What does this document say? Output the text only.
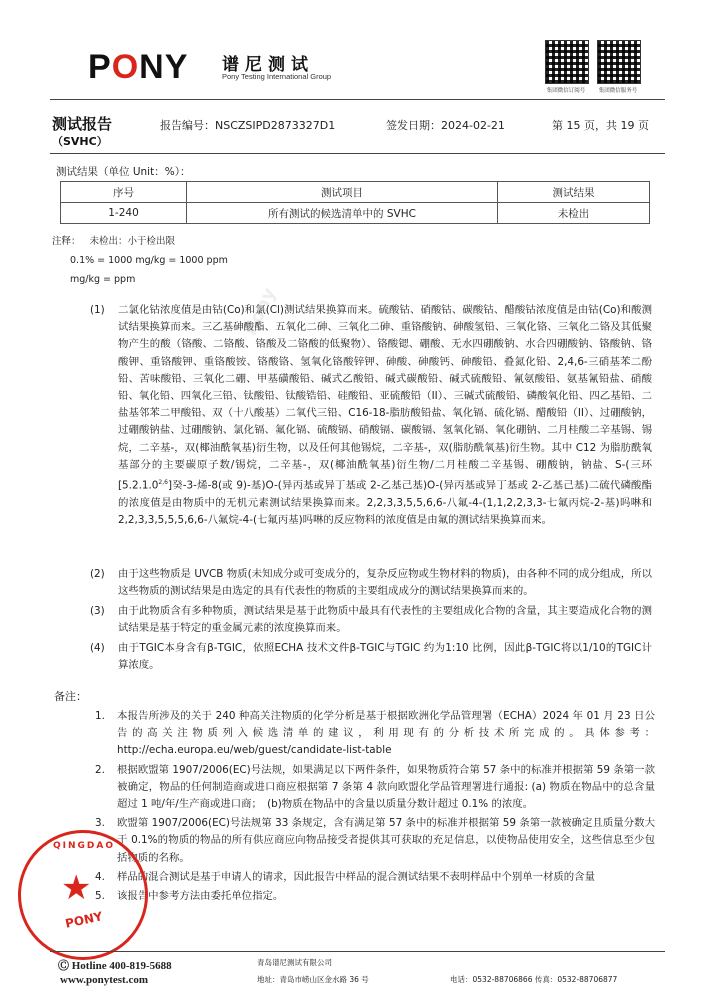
Pony
PONY 谱尼测试
Pony Testing International Group
集团微信订阅号	集团微信服务号
测试报告
（SVHC）
报告编号：NSCZSIPD2873327D1	签发日期：2024-02-21	第 15 页，共 19 页
测试结果（单位 Unit：%）：
序号	测试项目	测试结果
1-240	所有测试的候选清单中的 SVHC	未检出
注释： 未检出：小于检出限
0.1% = 1000 mg/kg = 1000 ppm
mg/kg = ppm
(1)	二氯化钴浓度值是由钴(Co)和氯(Cl)测试结果换算而来。硫酸钴、硝酸钴、碳酸钴、醋酸钴浓度值是由钴(Co)和酸测试结果换算而来。三乙基砷酸酯、五氧化二砷、三氧化二砷、重铬酸钠、砷酸氢铅、三氧化铬、三氧化二铬及其低聚物产生的酸（铬酸、二铬酸、铬酸及二铬酸的低聚物）、铬酸锶、硼酸、无水四硼酸钠、水合四硼酸钠、铬酸钠、铬酸钾、重铬酸钾、重铬酸铵、铬酸铬、氢氧化铬酸锌钾、砷酸、砷酸钙、砷酸铅、叠氮化铅、2,4,6-三硝基苯二酚铅、苦味酸铅、三氧化二硼、甲基磺酸铅、碱式乙酸铅、碱式碳酸铅、碱式硫酸铅、氰氨酸铅、氨基氰铅盐、硝酸铅、氧化铅、四氧化三铅、钛酸铅、钛酸锆铅、硅酸铅、亚硫酸铅（II）、三碱式硫酸铅、磷酸氧化铅、四乙基铅、二盐基邻苯二甲酸铅、双（十八酸基）二氧代三铅、C16-18-脂肪酸铅盐、氧化镉、硫化镉、醋酸铅（II）、过硼酸钠，过硼酸钠盐、过硼酸钠、氯化镉、氟化镉、硫酸镉、硝酸镉、碳酸镉、氢氧化镉、氧化硼钠、二月桂酸二辛基锡、锡烷，二辛基-，双(椰油酰氧基)衍生物，以及任何其他锡烷，二辛基-，双(脂肪酰氧基)衍生物。其中 C12 为脂肪酰氧基部分的主要碳原子数/锡烷，二辛基-，双(椰油酰氧基)衍生物/二月桂酸二辛基锡、硼酸钠，钠盐、S-(三环[5.2.1.0$^{2,6}$]癸-3-烯-8(或 9)-基)O-(异丙基或异丁基或 2-乙基己基)O-(异丙基或异丁基或 2-乙基己基)二硫代磷酸酯的浓度值是由物质中的无机元素测试结果换算而来。2,2,3,3,5,5,6,6-八氟-4-(1,1,2,2,3,3-七氟丙烷-2-基)吗啉和 2,2,3,3,5,5,5,6,6-八氟烷-4-(七氟丙基)吗啉的反应物料的浓度值是由氟的测试结果换算而来。
(2)	由于这些物质是 UVCB 物质(未知成分或可变成分的，复杂反应物或生物材料的物质)，由各种不同的成分组成，所以这些物质的测试结果是由选定的具有代表性的物质的主要组成成分的测试结果换算而来的。
(3)	由于此物质含有多种物质，测试结果是基于此物质中最具有代表性的主要组成化合物的含量，其主要造成化合物的测试结果是基于特定的重金属元素的浓度换算而来。
(4)	由于TGIC本身含有β-TGIC，依照ECHA 技术文件β-TGIC与TGIC 约为1:10 比例，因此β-TGIC将以1/10的TGIC计算浓度。
备注：
1. 本报告所涉及的关于 240 种高关注物质的化学分析是基于根据欧洲化学品管理署（ECHA）2024 年 01 月 23 日公告的高关注物质列入候选清单的建议，利用现有的分析技术所完成的。具体参考：http://echa.europa.eu/web/guest/candidate-list-table
2. 根据欧盟第 1907/2006(EC)号法规，如果满足以下两件条件，如果物质符合第 57 条中的标准并根据第 59 条第一款被确定，物品的任何制造商或进口商应根据第 7 条第 4 款向欧盟化学品管理署进行通报: (a) 物质在物品中的总含量超过 1 吨/年/生产商或进口商；　(b)物质在物品中的含量以质量分数计超过 0.1% 的浓度。
3. 欧盟第 1907/2006(EC)号法规第 33 条规定，含有满足第 57 条中的标准并根据第 59 条第一款被确定且质量分数大于 0.1%的物质的物品的所有供应商应向物品接受者提供其可获取的充足信息，以使物品使用安全，这些信息至少包括物质的名称。
4. 样品的混合测试是基于申请人的请求，因此报告中样品的混合测试结果不表明样品中个别单一材质的含量
5. 该报告中参考方法由委托单位指定。
QINGDAO
★
PONY
Ⓒ Hotline 400-819-5688
www.ponytest.com
青岛谱尼测试有限公司
地址：青岛市崂山区金水路 36 号	电话：0532-88706866 传真：0532-88706877
